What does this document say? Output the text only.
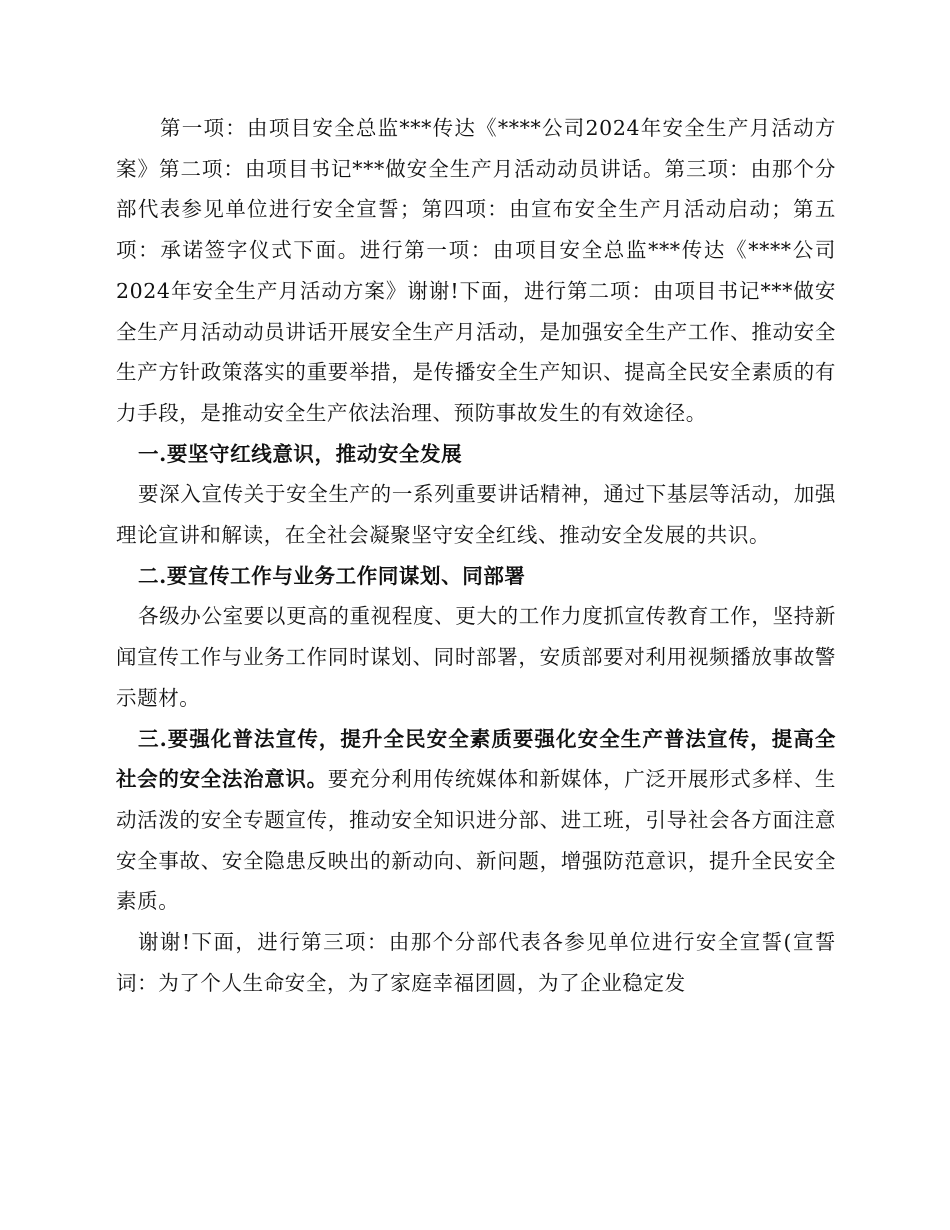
第一项：由项目安全总监***传达《****公司2024年安全生产月活动方案》第二项：由项目书记***做安全生产月活动动员讲话。第三项：由那个分部代表参见单位进行安全宣誓；第四项：由宣布安全生产月活动启动；第五项：承诺签字仪式下面。进行第一项：由项目安全总监***传达《****公司2024年安全生产月活动方案》谢谢!下面，进行第二项：由项目书记***做安全生产月活动动员讲话开展安全生产月活动，是加强安全生产工作、推动安全生产方针政策落实的重要举措，是传播安全生产知识、提高全民安全素质的有力手段，是推动安全生产依法治理、预防事故发生的有效途径。

一.要坚守红线意识，推动安全发展

要深入宣传关于安全生产的一系列重要讲话精神，通过下基层等活动，加强理论宣讲和解读，在全社会凝聚坚守安全红线、推动安全发展的共识。

二.要宣传工作与业务工作同谋划、同部署

各级办公室要以更高的重视程度、更大的工作力度抓宣传教育工作，坚持新闻宣传工作与业务工作同时谋划、同时部署，安质部要对利用视频播放事故警示题材。

三.要强化普法宣传，提升全民安全素质要强化安全生产普法宣传，提高全社会的安全法治意识。要充分利用传统媒体和新媒体，广泛开展形式多样、生动活泼的安全专题宣传，推动安全知识进分部、进工班，引导社会各方面注意安全事故、安全隐患反映出的新动向、新问题，增强防范意识，提升全民安全素质。

谢谢!下面，进行第三项：由那个分部代表各参见单位进行安全宣誓(宣誓词：为了个人生命安全，为了家庭幸福团圆，为了企业稳定发
